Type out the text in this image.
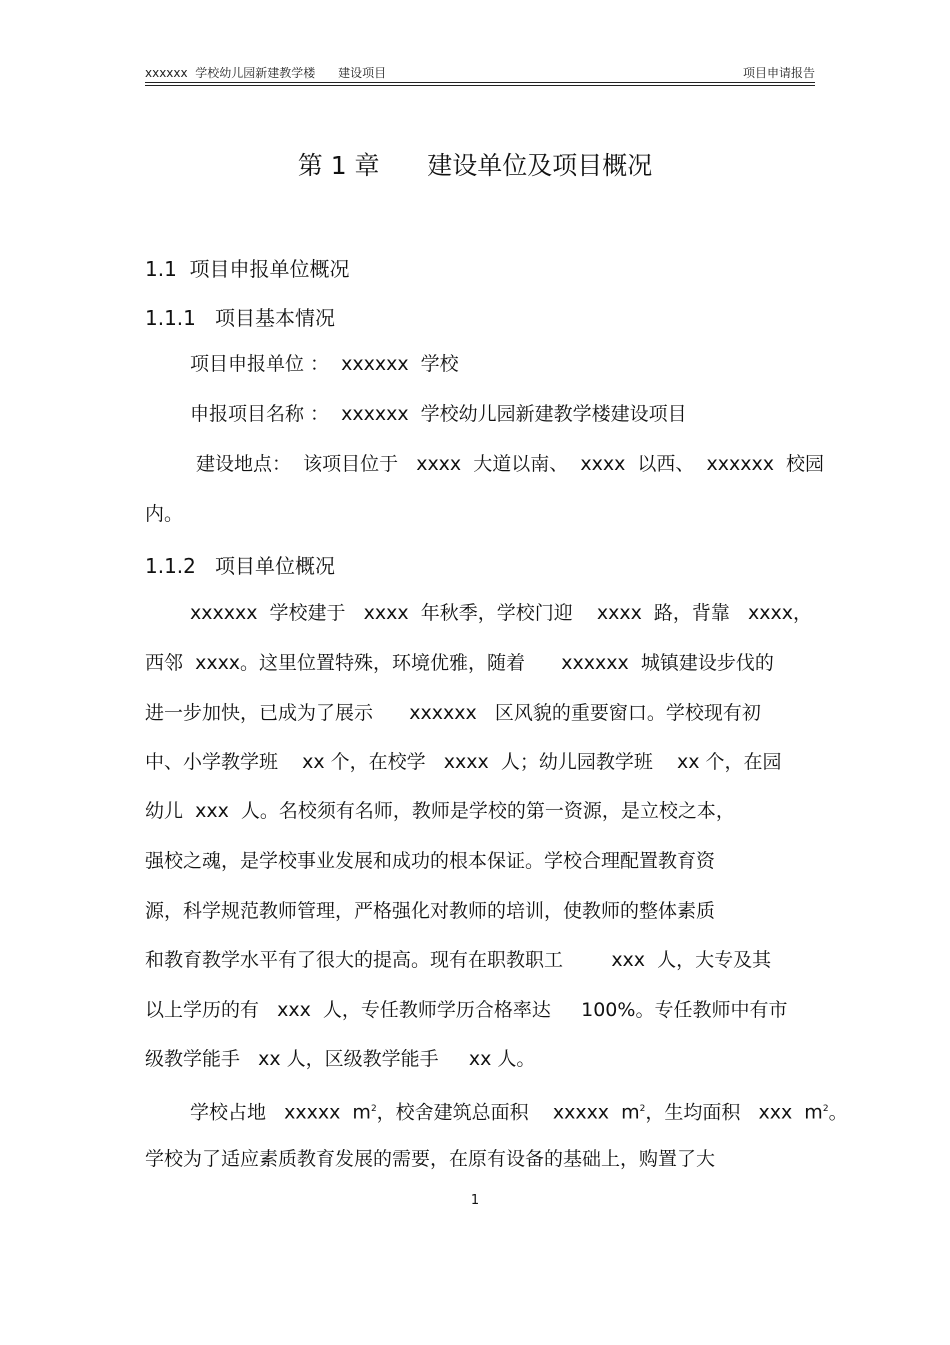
xxxxxx  学校幼儿园新建教学楼      建设项目	项目申请报告
第 1 章      建设单位及项目概况
1.1  项目申报单位概况
1.1.1   项目基本情况
项目申报单位 ：  xxxxxx  学校
申报项目名称 ：  xxxxxx  学校幼儿园新建教学楼建设项目
建设地点：  该项目位于   xxxx  大道以南、  xxxx  以西、  xxxxxx  校园
内。
1.1.2   项目单位概况
xxxxxx  学校建于   xxxx  年秋季，学校门迎    xxxx  路，背靠   xxxx，
西邻  xxxx。这里位置特殊，环境优雅，随着      xxxxxx  城镇建设步伐的
进一步加快，已成为了展示      xxxxxx   区风貌的重要窗口。学校现有初
中、小学教学班    xx 个，在校学   xxxx  人；幼儿园教学班    xx 个，在园
幼儿  xxx  人。名校须有名师，教师是学校的第一资源，是立校之本，
强校之魂，是学校事业发展和成功的根本保证。学校合理配置教育资
源，科学规范教师管理，严格强化对教师的培训，使教师的整体素质
和教育教学水平有了很大的提高。现有在职教职工        xxx  人，大专及其
以上学历的有   xxx  人，专任教师学历合格率达     100%。专任教师中有市
级教学能手   xx 人，区级教学能手     xx 人。
学校占地   xxxxx  $m^2$，校舍建筑总面积    xxxxx  $m^2$，生均面积   xxx  $m^2$。
学校为了适应素质教育发展的需要，在原有设备的基础上，购置了大
1
